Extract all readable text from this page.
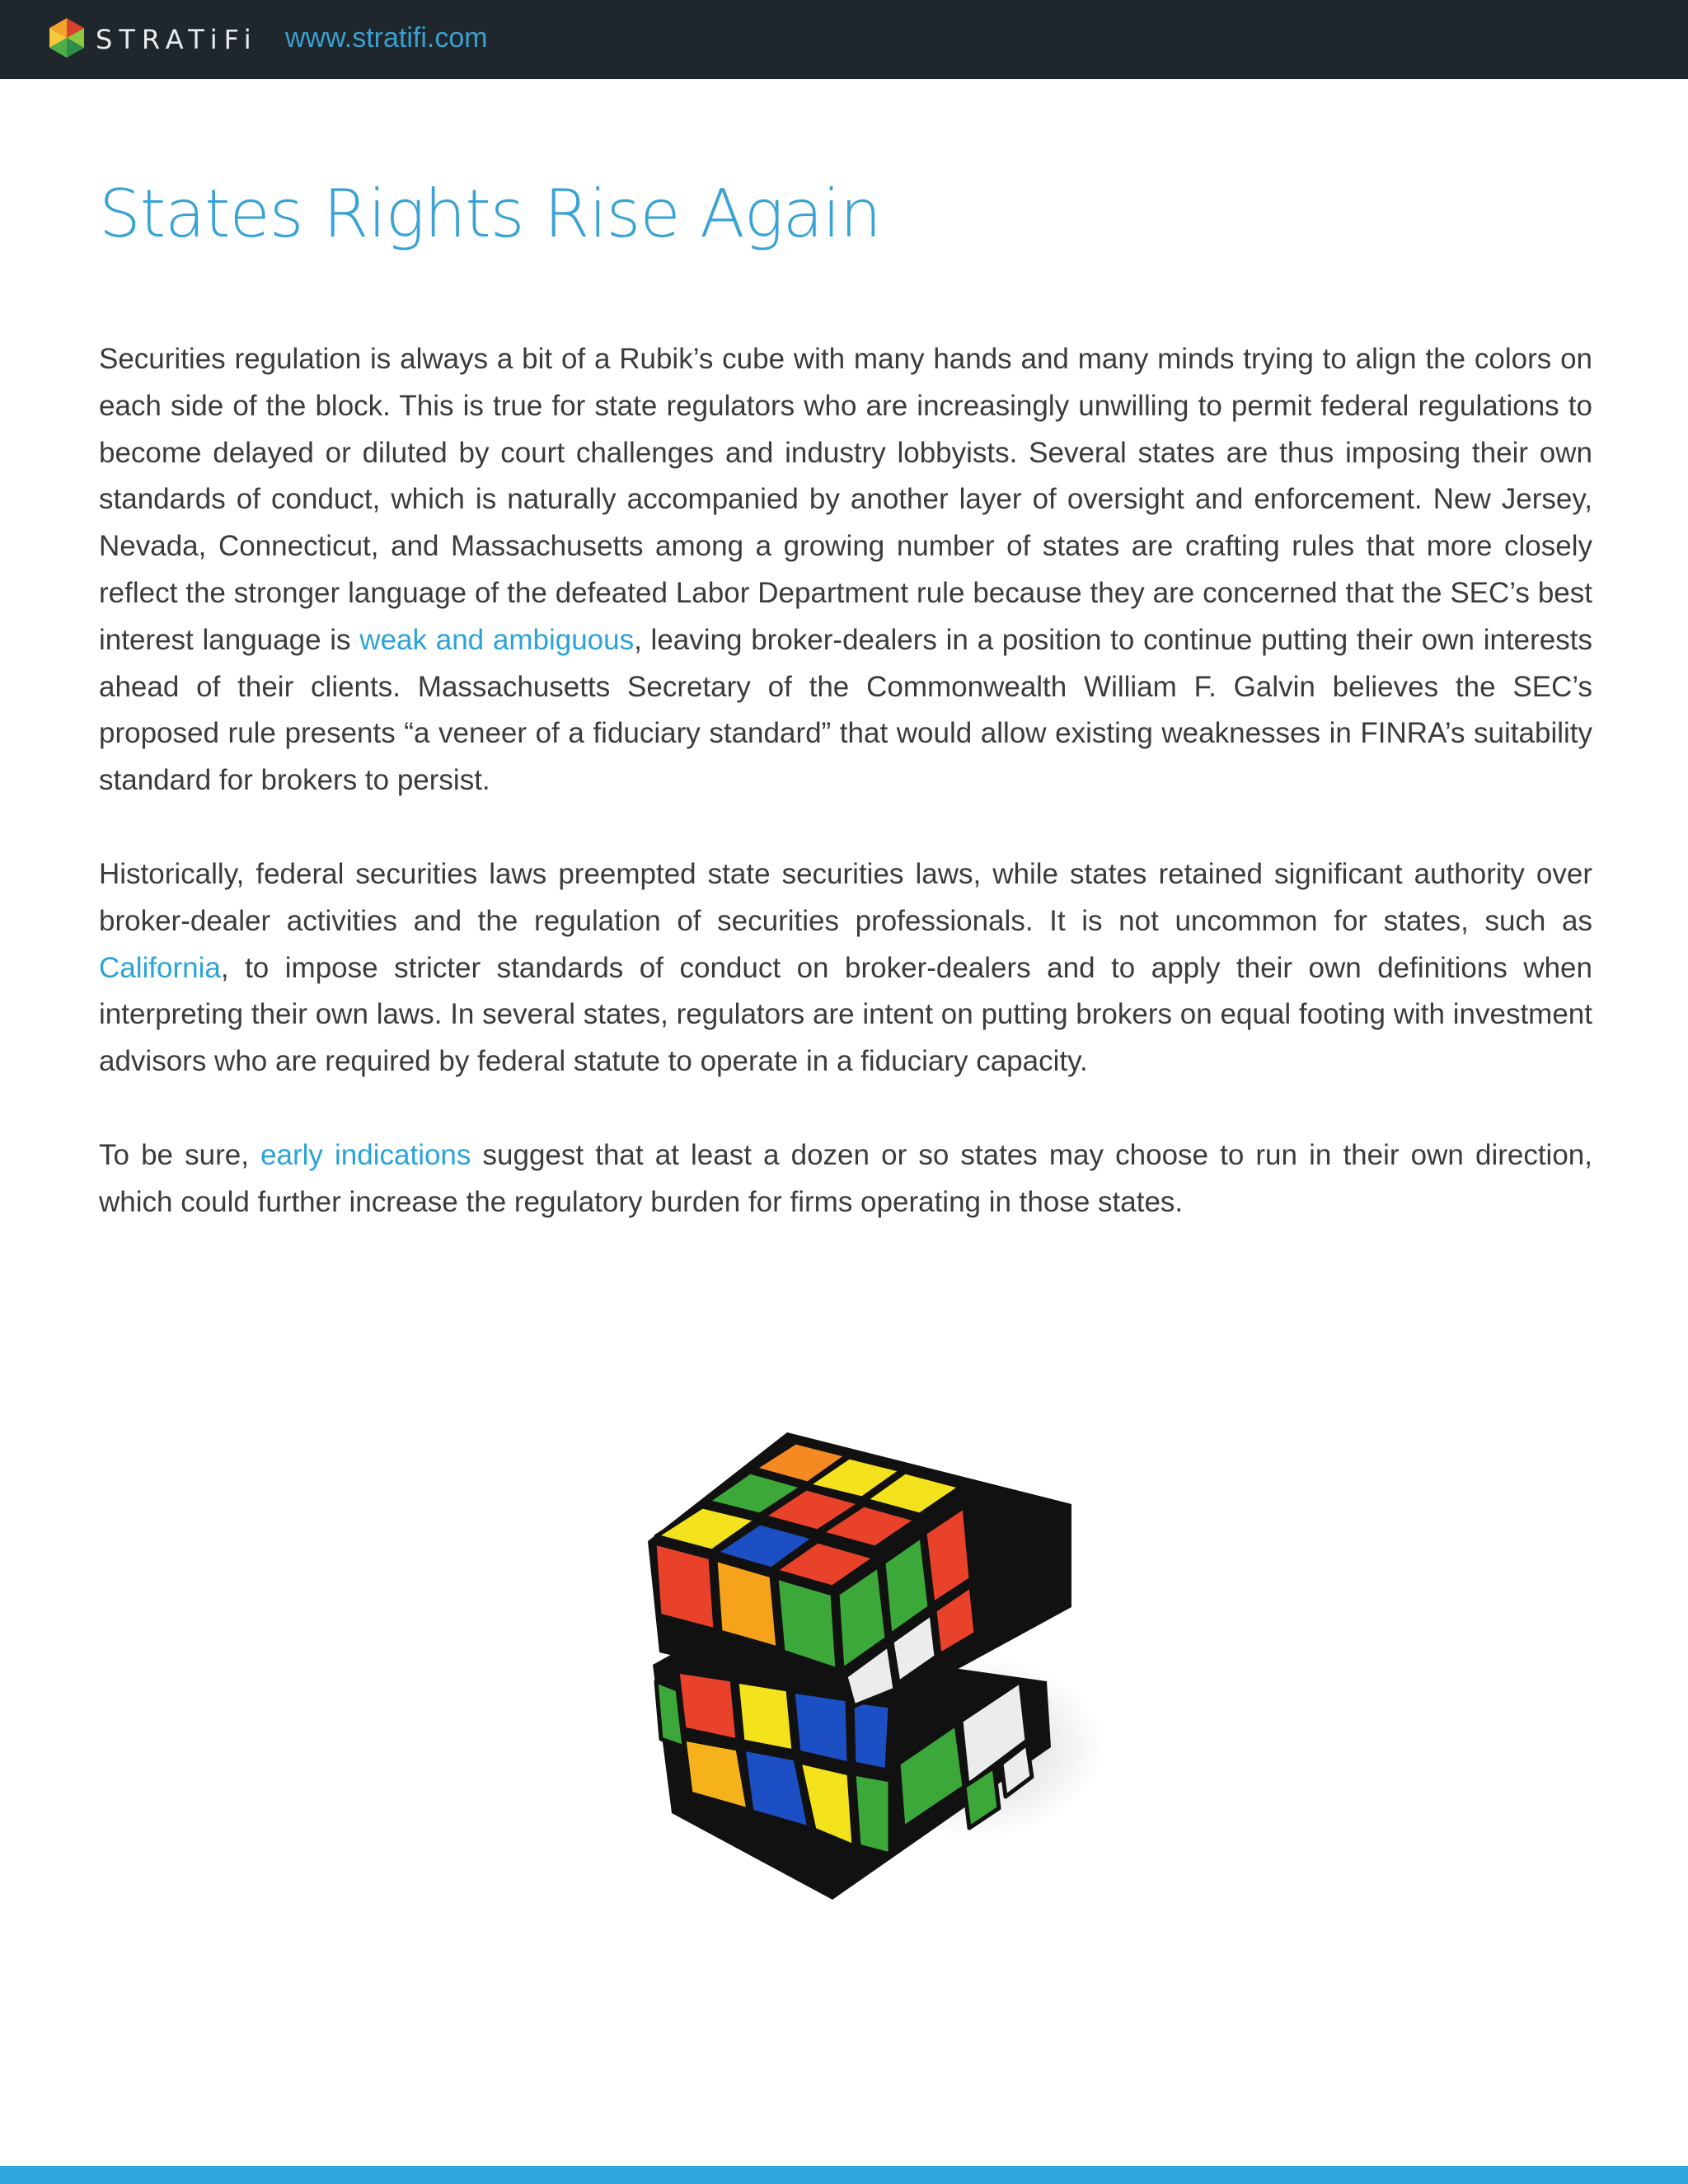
STRATiFi www.stratifi.com
States Rights Rise Again

Securities regulation is always a bit of a Rubik’s cube with many hands and many minds trying to align the colors on each side of the block. This is true for state regulators who are increasingly unwilling to permit federal regulations to become delayed or diluted by court challenges and industry lobbyists. Several states are thus imposing their own standards of conduct, which is naturally accompanied by another layer of oversight and enforcement. New Jersey, Nevada, Connecticut, and Massachusetts among a growing number of states are crafting rules that more closely reflect the stronger language of the defeated Labor Department rule because they are concerned that the SEC’s best interest language is weak and ambiguous, leaving broker-dealers in a position to continue putting their own interests ahead of their clients. Massachusetts Secretary of the Commonwealth William F. Galvin believes the SEC’s proposed rule presents “a veneer of a fiduciary standard” that would allow existing weaknesses in FINRA’s suitability standard for brokers to persist.

Historically, federal securities laws preempted state securities laws, while states retained significant authority over broker-dealer activities and the regulation of securities professionals. It is not uncommon for states, such as California, to impose stricter standards of conduct on broker-dealers and to apply their own definitions when interpreting their own laws. In several states, regulators are intent on putting brokers on equal footing with investment advisors who are required by federal statute to operate in a fiduciary capacity.

To be sure, early indications suggest that at least a dozen or so states may choose to run in their own direction, which could further increase the regulatory burden for firms operating in those states.
